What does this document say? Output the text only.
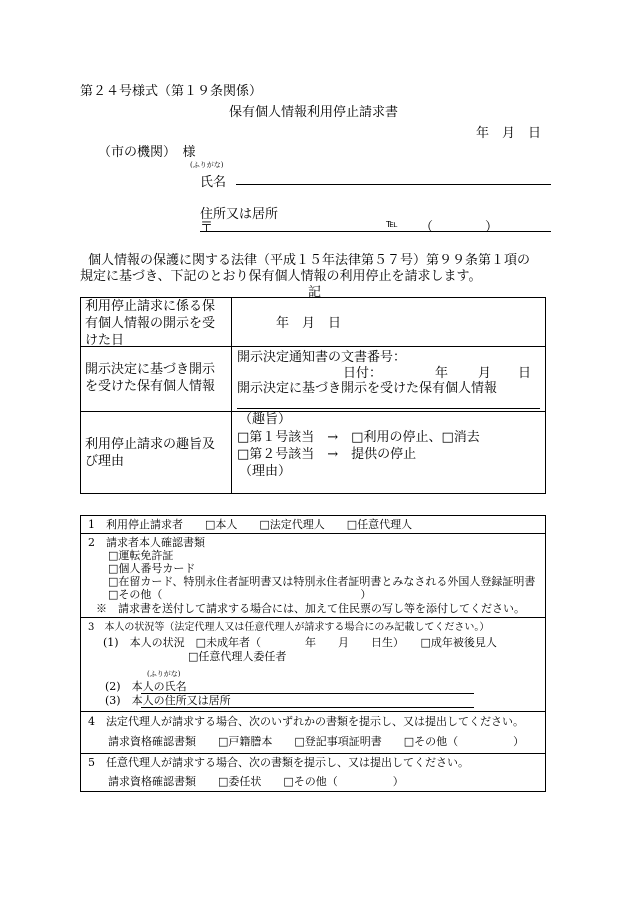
第２４号様式（第１９条関係）
保有個人情報利用停止請求書
年　月　日
（市の機関）　様
(ふりがな)
氏名
住所又は居所
〒	℡ （　　　　）
個人情報の保護に関する法律（平成１５年法律第５７号）第９９条第１項の
規定に基づき、下記のとおり保有個人情報の利用停止を請求します。
記
利用停止請求に係る保
有個人情報の開示を受
けた日
年　月　日
開示決定に基づき開示
を受けた保有個人情報
開示決定通知書の文書番号：
日付：	年 月 日
開示決定に基づき開示を受けた保有個人情報
利用停止請求の趣旨及
び理由
（趣旨）
□第１号該当　→　□利用の停止、□消去
□第２号該当　→　提供の停止
（理由）
1　利用停止請求者　　□本人　　□法定代理人　　□任意代理人
2　請求者本人確認書類
□運転免許証
□個人番号カード
□在留カード、特別永住者証明書又は特別永住者証明書とみなされる外国人登録証明書
□その他（　　　　　　　　　　　　　　　　　　）
※　請求書を送付して請求する場合には、加えて住民票の写し等を添付してください。
3　本人の状況等（法定代理人又は任意代理人が請求する場合にのみ記載してください。）
(1)　本人の状況　□未成年者（　　　　年　　月　　日生）　　□成年被後見人
□任意代理人委任者
(ふりがな)
(2)　本人の氏名
(3)　本人の住所又は居所
4　法定代理人が請求する場合、次のいずれかの書類を提示し、又は提出してください。
請求資格確認書類　　□戸籍謄本　　□登記事項証明書　　□その他（　　　　　）
5　任意代理人が請求する場合、次の書類を提示し、又は提出してください。
請求資格確認書類　　□委任状　　□その他（　　　　　）
